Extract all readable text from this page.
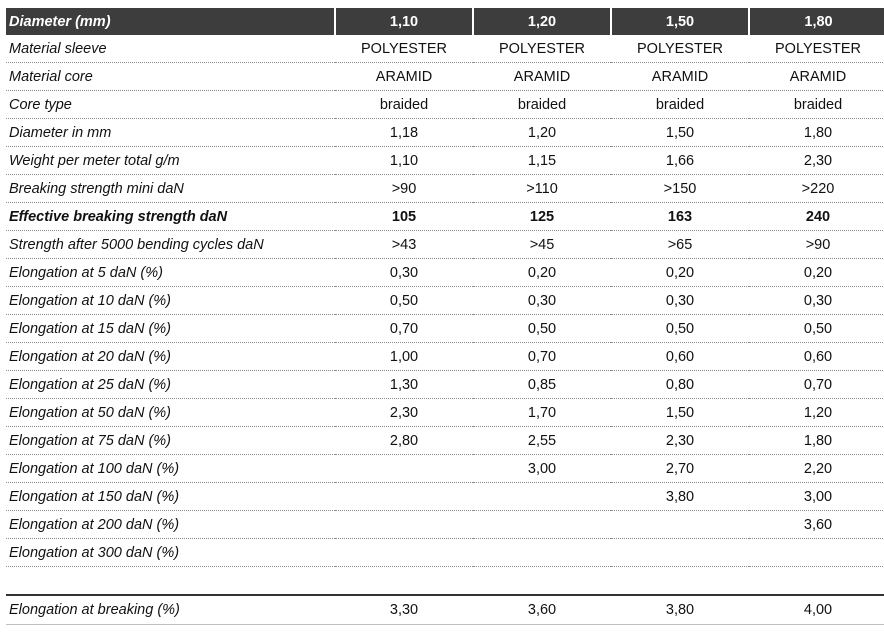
Diameter (mm)	1,10	1,20	1,50	1,80
Material sleeve	POLYESTER	POLYESTER	POLYESTER	POLYESTER
Material core	ARAMID	ARAMID	ARAMID	ARAMID
Core type	braided	braided	braided	braided
Diameter in mm	1,18	1,20	1,50	1,80
Weight per meter total g/m	1,10	1,15	1,66	2,30
Breaking strength mini daN	>90	>110	>150	>220
Effective breaking strength daN	105	125	163	240
Strength after 5000 bending cycles daN	>43	>45	>65	>90
Elongation at 5 daN (%)	0,30	0,20	0,20	0,20
Elongation at 10 daN (%)	0,50	0,30	0,30	0,30
Elongation at 15 daN (%)	0,70	0,50	0,50	0,50
Elongation at 20 daN (%)	1,00	0,70	0,60	0,60
Elongation at 25 daN (%)	1,30	0,85	0,80	0,70
Elongation at 50 daN (%)	2,30	1,70	1,50	1,20
Elongation at 75 daN (%)	2,80	2,55	2,30	1,80
Elongation at 100 daN (%)		3,00	2,70	2,20
Elongation at 150 daN (%)			3,80	3,00
Elongation at 200 daN (%)				3,60
Elongation at 300 daN (%)				

Elongation at breaking (%)	3,30	3,60	3,80	4,00
